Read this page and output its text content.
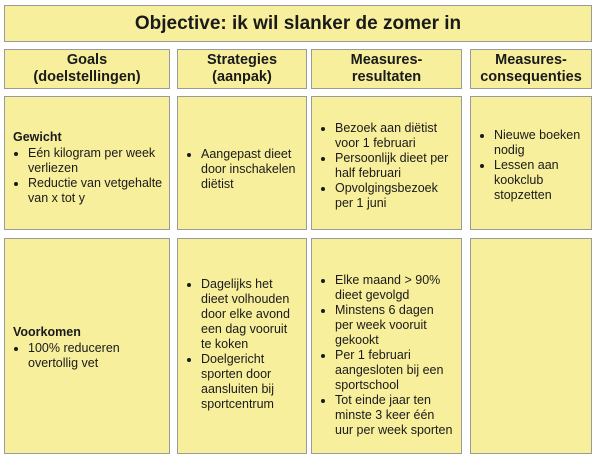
Objective: ik wil slanker de zomer in
Goals
(doelstellingen)
Strategies
(aanpak)
Measures-
resultaten
Measures-
consequenties
Gewicht
• Eén kilogram per week verliezen
• Reductie van vetgehalte van x tot y
• Aangepast dieet door inschakelen diëtist
• Bezoek aan diëtist voor 1 februari
• Persoonlijk dieet per half februari
• Opvolgingsbezoek per 1 juni
• Nieuwe boeken nodig
• Lessen aan kookclub stopzetten
Voorkomen
• 100% reduceren overtollig vet
• Dagelijks het dieet volhouden door elke avond een dag vooruit te koken
• Doelgericht sporten door aansluiten bij sportcentrum
• Elke maand > 90% dieet gevolgd
• Minstens 6 dagen per week vooruit gekookt
• Per 1 februari aangesloten bij een sportschool
• Tot einde jaar ten minste 3 keer één uur per week sporten
